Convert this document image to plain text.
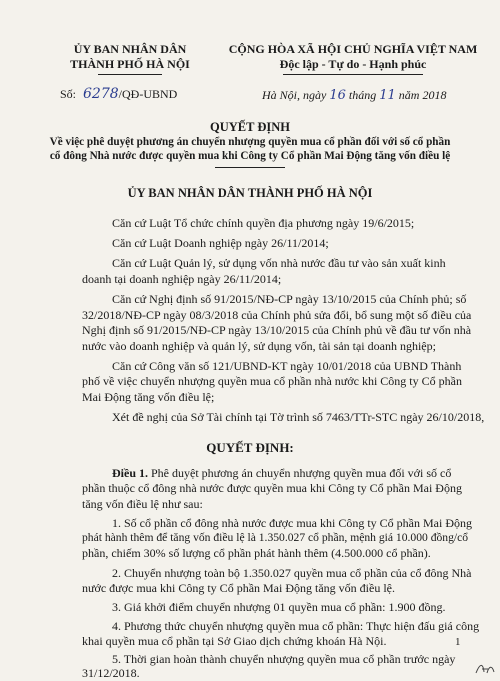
ỦY BAN NHÂN DÂN
THÀNH PHỐ HÀ NỘI
CỘNG HÒA XÃ HỘI CHỦ NGHĨA VIỆT NAM
Độc lập - Tự do - Hạnh phúc
Số: 6278/QĐ-UBND	Hà Nội, ngày 16 tháng 11 năm 2018
QUYẾT ĐỊNH
Về việc phê duyệt phương án chuyển nhượng quyền mua cổ phần đối với số cổ phần
cổ đông Nhà nước được quyền mua khi Công ty Cổ phần Mai Động tăng vốn điều lệ
ỦY BAN NHÂN DÂN THÀNH PHỐ HÀ NỘI
Căn cứ Luật Tổ chức chính quyền địa phương ngày 19/6/2015;
Căn cứ Luật Doanh nghiệp ngày 26/11/2014;
Căn cứ Luật Quản lý, sử dụng vốn nhà nước đầu tư vào sản xuất kinh
doanh tại doanh nghiệp ngày 26/11/2014;
Căn cứ Nghị định số 91/2015/NĐ-CP ngày 13/10/2015 của Chính phủ; số
32/2018/NĐ-CP ngày 08/3/2018 của Chính phủ sửa đổi, bổ sung một số điều của
Nghị định số 91/2015/NĐ-CP ngày 13/10/2015 của Chính phủ về đầu tư vốn nhà
nước vào doanh nghiệp và quản lý, sử dụng vốn, tài sản tại doanh nghiệp;
Căn cứ Công văn số 121/UBND-KT ngày 10/01/2018 của UBND Thành
phố về việc chuyển nhượng quyền mua cổ phần nhà nước khi Công ty Cổ phần
Mai Động tăng vốn điều lệ;
Xét đề nghị của Sở Tài chính tại Tờ trình số 7463/TTr-STC ngày 26/10/2018,
QUYẾT ĐỊNH:
Điều 1. Phê duyệt phương án chuyển nhượng quyền mua đối với số cổ
phần thuộc cổ đông nhà nước được quyền mua khi Công ty Cổ phần Mai Động
tăng vốn điều lệ như sau:
1. Số cổ phần cổ đông nhà nước được mua khi Công ty Cổ phần Mai Động
phát hành thêm để tăng vốn điều lệ là 1.350.027 cổ phần, mệnh giá 10.000 đồng/cổ
phần, chiếm 30% số lượng cổ phần phát hành thêm (4.500.000 cổ phần).
2. Chuyển nhượng toàn bộ 1.350.027 quyền mua cổ phần của cổ đông Nhà
nước được mua khi Công ty Cổ phần Mai Động tăng vốn điều lệ.
3. Giá khởi điểm chuyển nhượng 01 quyền mua cổ phần: 1.900 đồng.
4. Phương thức chuyển nhượng quyền mua cổ phần: Thực hiện đấu giá công
khai quyền mua cổ phần tại Sở Giao dịch chứng khoán Hà Nội.
5. Thời gian hoàn thành chuyển nhượng quyền mua cổ phần trước ngày
31/12/2018.
1
